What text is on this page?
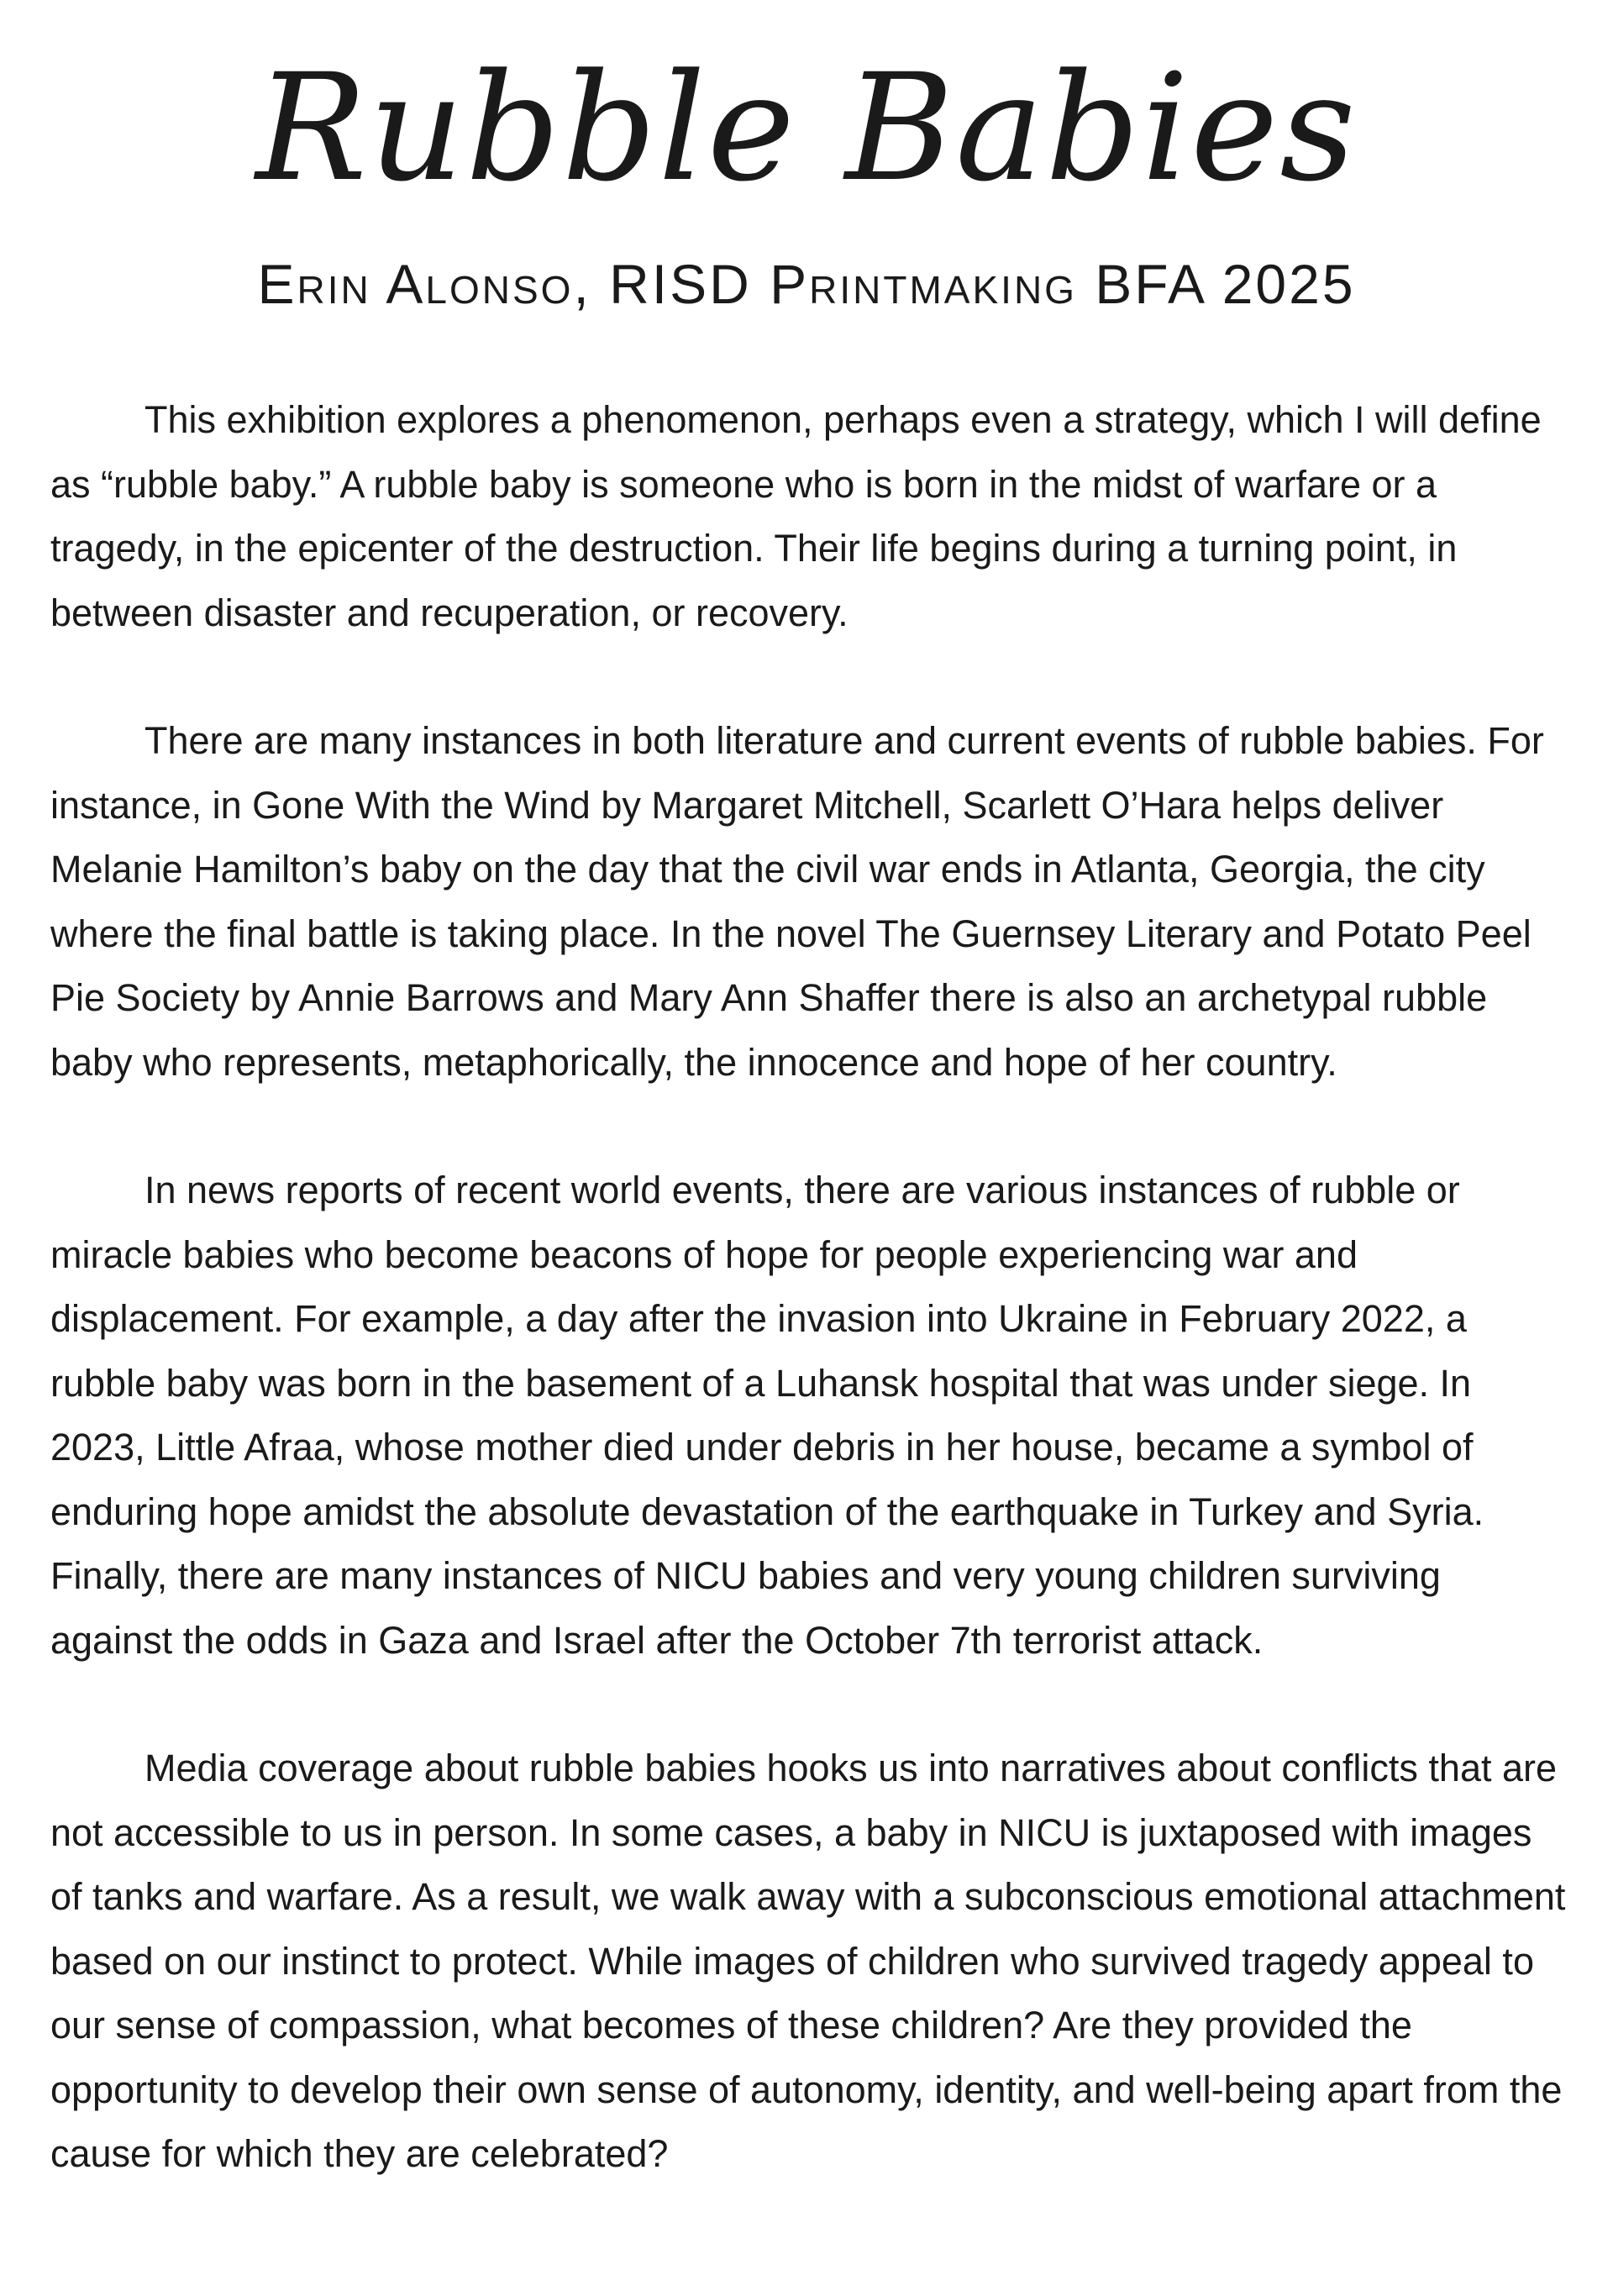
Rubble Babies
Erin Alonso, RISD Printmaking BFA 2025

This exhibition explores a phenomenon, perhaps even a strategy, which I will define as “rubble baby.” A rubble baby is someone who is born in the midst of warfare or a tragedy, in the epicenter of the destruction. Their life begins during a turning point, in between disaster and recuperation, or recovery.

There are many instances in both literature and current events of rubble babies. For instance, in Gone With the Wind by Margaret Mitchell, Scarlett O’Hara helps deliver Melanie Hamilton’s baby on the day that the civil war ends in Atlanta, Georgia, the city where the final battle is taking place. In the novel The Guernsey Literary and Potato Peel Pie Society by Annie Barrows and Mary Ann Shaffer there is also an archetypal rubble baby who represents, metaphorically, the innocence and hope of her country.

In news reports of recent world events, there are various instances of rubble or miracle babies who become beacons of hope for people experiencing war and displacement. For example, a day after the invasion into Ukraine in February 2022, a rubble baby was born in the basement of a Luhansk hospital that was under siege. In 2023, Little Afraa, whose mother died under debris in her house, became a symbol of enduring hope amidst the absolute devastation of the earthquake in Turkey and Syria. Finally, there are many instances of NICU babies and very young children surviving against the odds in Gaza and Israel after the October 7th terrorist attack.

Media coverage about rubble babies hooks us into narratives about conflicts that are not accessible to us in person. In some cases, a baby in NICU is juxtaposed with images of tanks and warfare. As a result, we walk away with a subconscious emotional attachment based on our instinct to protect. While images of children who survived tragedy appeal to our sense of compassion, what becomes of these children? Are they provided the opportunity to develop their own sense of autonomy, identity, and well-being apart from the cause for which they are celebrated?
